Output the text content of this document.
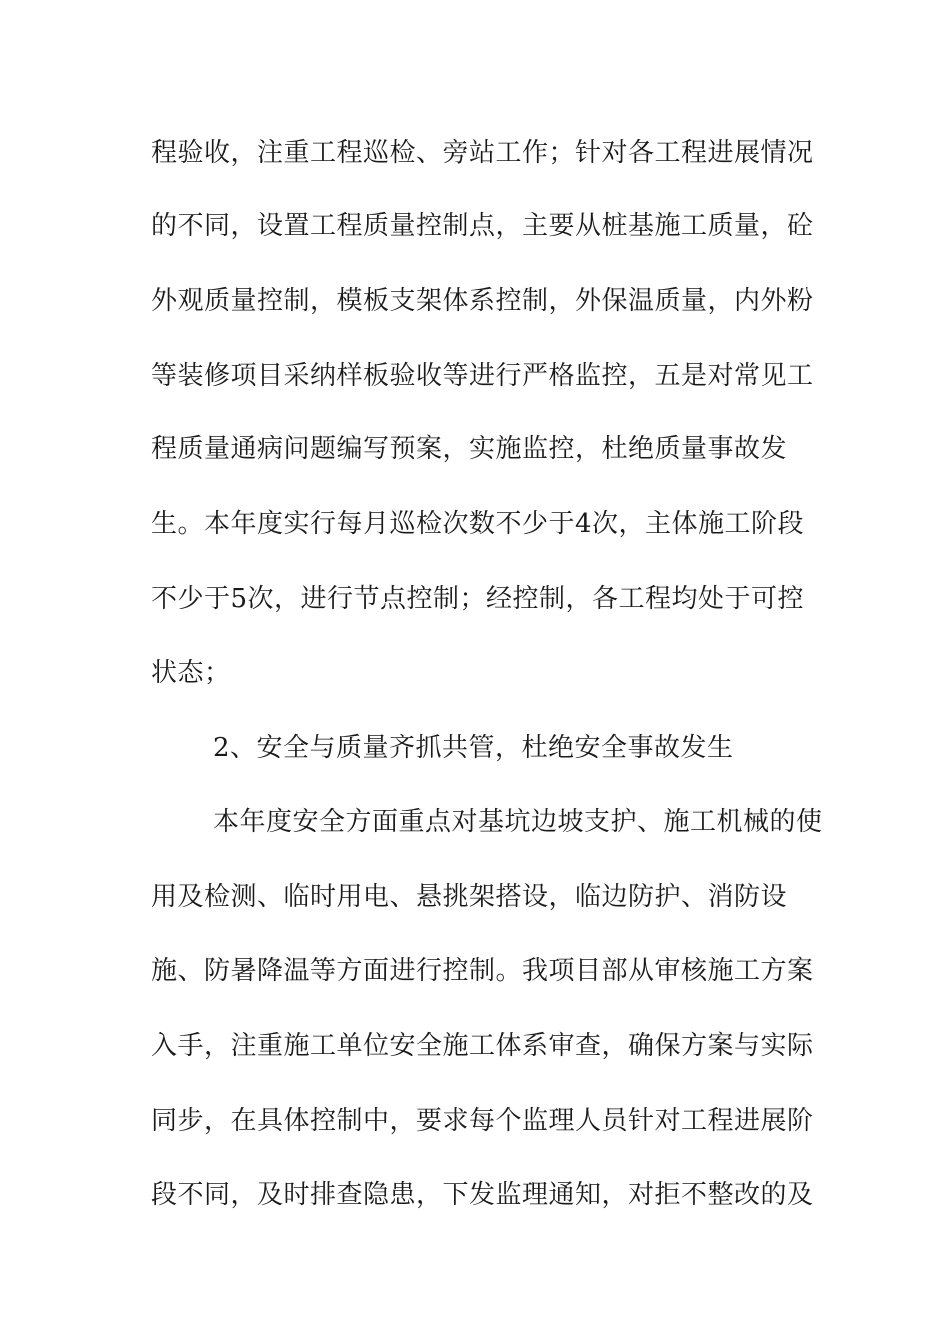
程验收，注重工程巡检、旁站工作；针对各工程进展情况
的不同，设置工程质量控制点，主要从桩基施工质量，砼
外观质量控制，模板支架体系控制，外保温质量，内外粉
等装修项目采纳样板验收等进行严格监控，五是对常见工
程质量通病问题编写预案，实施监控，杜绝质量事故发
生。本年度实行每月巡检次数不少于4次，主体施工阶段
不少于5次，进行节点控制；经控制，各工程均处于可控
状态；
2、安全与质量齐抓共管，杜绝安全事故发生
本年度安全方面重点对基坑边坡支护、施工机械的使
用及检测、临时用电、悬挑架搭设，临边防护、消防设
施、防暑降温等方面进行控制。我项目部从审核施工方案
入手，注重施工单位安全施工体系审查，确保方案与实际
同步，在具体控制中，要求每个监理人员针对工程进展阶
段不同，及时排查隐患，下发监理通知，对拒不整改的及
